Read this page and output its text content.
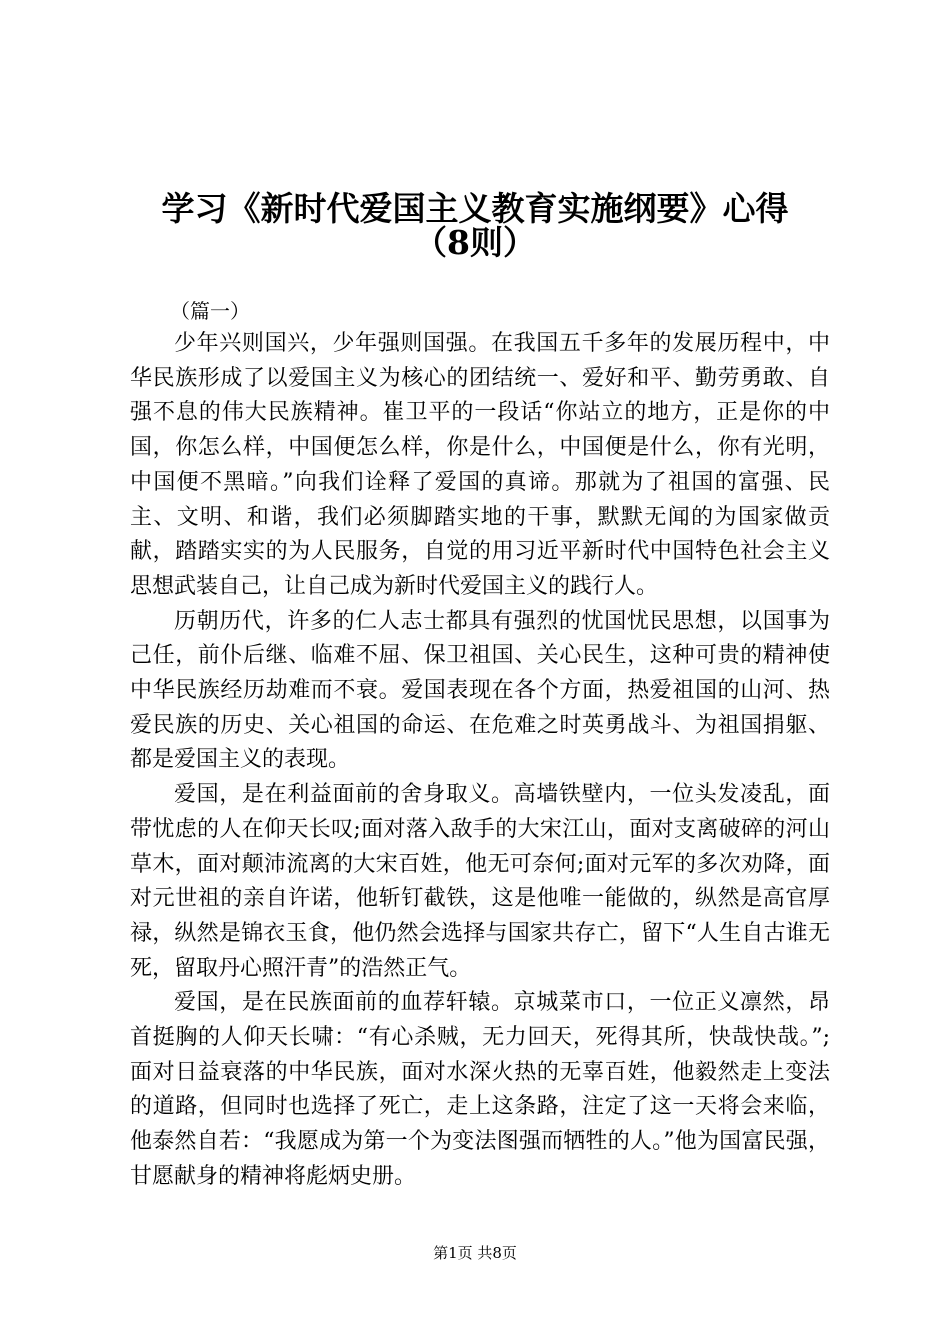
学习《新时代爱国主义教育实施纲要》心得
（8则）
（篇一）

少年兴则国兴，少年强则国强。在我国五千多年的发展历程中，中华民族形成了以爱国主义为核心的团结统一、爱好和平、勤劳勇敢、自强不息的伟大民族精神。崔卫平的一段话“你站立的地方，正是你的中国，你怎么样，中国便怎么样，你是什么，中国便是什么，你有光明，中国便不黑暗。”向我们诠释了爱国的真谛。那就为了祖国的富强、民主、文明、和谐，我们必须脚踏实地的干事，默默无闻的为国家做贡献，踏踏实实的为人民服务，自觉的用习近平新时代中国特色社会主义思想武装自己，让自己成为新时代爱国主义的践行人。

历朝历代，许多的仁人志士都具有强烈的忧国忧民思想，以国事为己任，前仆后继、临难不屈、保卫祖国、关心民生，这种可贵的精神使中华民族经历劫难而不衰。爱国表现在各个方面，热爱祖国的山河、热爱民族的历史、关心祖国的命运、在危难之时英勇战斗、为祖国捐躯、都是爱国主义的表现。

爱国，是在利益面前的舍身取义。高墙铁壁内，一位头发凌乱，面带忧虑的人在仰天长叹;面对落入敌手的大宋江山，面对支离破碎的河山草木，面对颠沛流离的大宋百姓，他无可奈何;面对元军的多次劝降，面对元世祖的亲自许诺，他斩钉截铁，这是他唯一能做的，纵然是高官厚禄，纵然是锦衣玉食，他仍然会选择与国家共存亡，留下“人生自古谁无死，留取丹心照汗青”的浩然正气。

爱国，是在民族面前的血荐轩辕。京城菜市口，一位正义凛然，昂首挺胸的人仰天长啸：“有心杀贼，无力回天，死得其所，快哉快哉。”;面对日益衰落的中华民族，面对水深火热的无辜百姓，他毅然走上变法的道路，但同时也选择了死亡，走上这条路，注定了这一天将会来临，他泰然自若：“我愿成为第一个为变法图强而牺牲的人。”他为国富民强，甘愿献身的精神将彪炳史册。

第1页 共8页
